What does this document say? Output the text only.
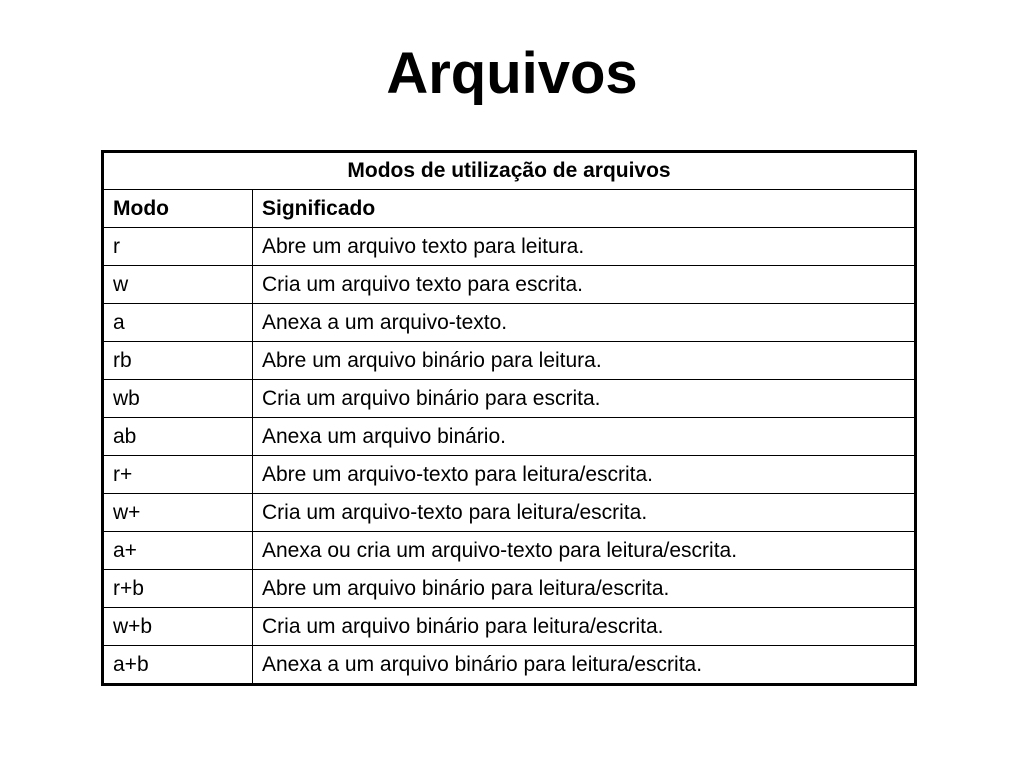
Arquivos
Modos de utilização de arquivos	
Modo	Significado
r	Abre um arquivo texto para leitura.
w	Cria um arquivo texto para escrita.
a	Anexa a um arquivo-texto.
rb	Abre um arquivo binário para leitura.
wb	Cria um arquivo binário para escrita.
ab	Anexa um arquivo binário.
r+	Abre um arquivo-texto para leitura/escrita.
w+	Cria um arquivo-texto para leitura/escrita.
a+	Anexa ou cria um arquivo-texto para leitura/escrita.
r+b	Abre um arquivo binário para leitura/escrita.
w+b	Cria um arquivo binário para leitura/escrita.
a+b	Anexa a um arquivo binário para leitura/escrita.
